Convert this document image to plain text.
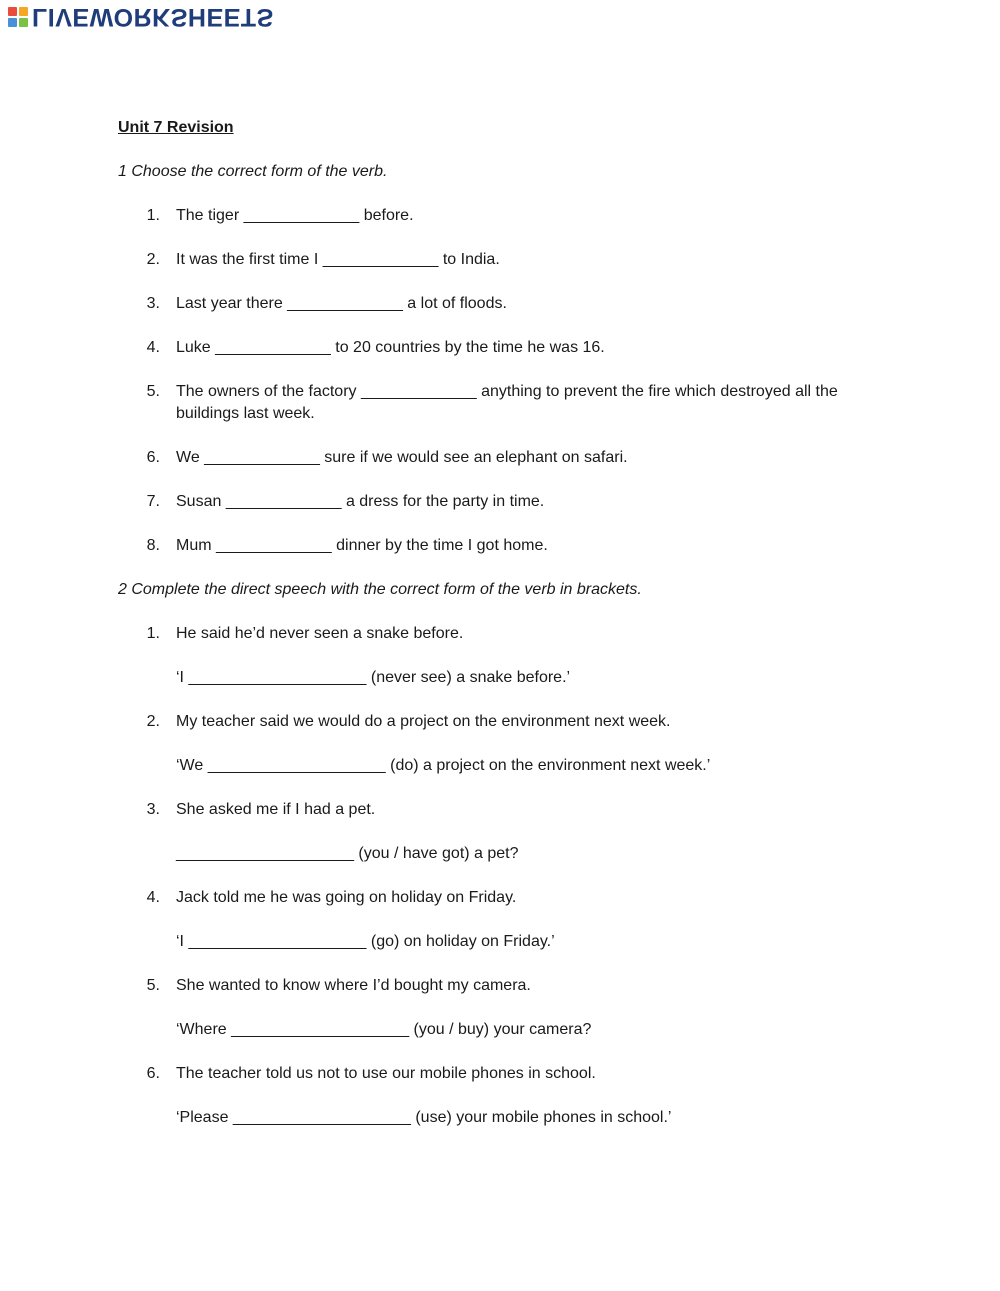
LIVEWORKSHEETS
Unit 7 Revision
1 Choose the correct form of the verb.
1. The tiger _____________ before.
2. It was the first time I _____________ to India.
3. Last year there _____________ a lot of floods.
4. Luke _____________ to 20 countries by the time he was 16.
5. The owners of the factory _____________ anything to prevent the fire which destroyed all the
buildings last week.
6. We _____________ sure if we would see an elephant on safari.
7. Susan _____________ a dress for the party in time.
8. Mum _____________ dinner by the time I got home.
2 Complete the direct speech with the correct form of the verb in brackets.
1. He said he’d never seen a snake before.
‘I ____________________ (never see) a snake before.’
2. My teacher said we would do a project on the environment next week.
‘We ____________________ (do) a project on the environment next week.’
3. She asked me if I had a pet.
____________________ (you / have got) a pet?
4. Jack told me he was going on holiday on Friday.
‘I ____________________ (go) on holiday on Friday.’
5. She wanted to know where I’d bought my camera.
‘Where ____________________ (you / buy) your camera?
6. The teacher told us not to use our mobile phones in school.
‘Please ____________________ (use) your mobile phones in school.’
